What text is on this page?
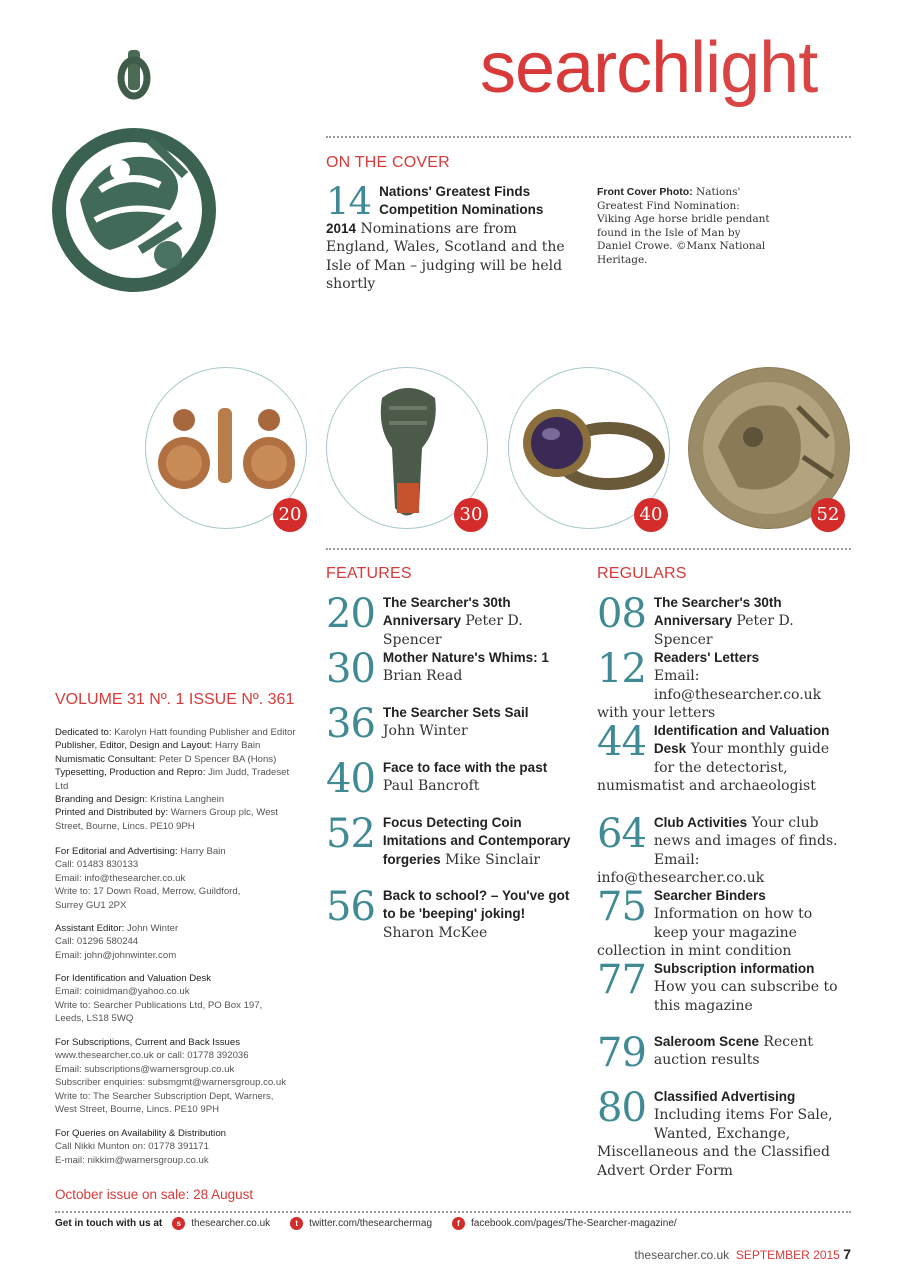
searchlight
ON THE COVER
14 Nations' Greatest Finds Competition Nominations 2014 Nominations are from England, Wales, Scotland and the Isle of Man – judging will be held shortly
Front Cover Photo: Nations' Greatest Find Nomination: Viking Age horse bridle pendant found in the Isle of Man by Daniel Crowe. ©Manx National Heritage.
20	30	40	52
FEATURES
20 The Searcher's 30th Anniversary Peter D. Spencer
30 Mother Nature's Whims: 1
Brian Read
36 The Searcher Sets Sail
John Winter
40 Face to face with the past
Paul Bancroft
52 Focus Detecting Coin Imitations and Contemporary forgeries Mike Sinclair
56 Back to school? – You've got to be 'beeping' joking! Sharon McKee
REGULARS
08 The Searcher's 30th Anniversary Peter D. Spencer
12 Readers' Letters
Email: info@thesearcher.co.uk with your letters
44 Identification and Valuation Desk Your monthly guide for the detectorist, numismatist and archaeologist
64 Club Activities Your club news and images of finds. Email: info@thesearcher.co.uk
75 Searcher Binders Information on how to keep your magazine collection in mint condition
77 Subscription information
How you can subscribe to this magazine
79 Saleroom Scene Recent auction results
80 Classified Advertising
Including items For Sale, Wanted, Exchange, Miscellaneous and the Classified Advert Order Form
VOLUME 31 Nº. 1 ISSUE Nº. 361
Dedicated to: Karolyn Hatt founding Publisher and Editor
Publisher, Editor, Design and Layout: Harry Bain
Numismatic Consultant: Peter D Spencer BA (Hons)
Typesetting, Production and Repro: Jim Judd, Tradeset Ltd
Branding and Design: Kristina Langhein
Printed and Distributed by: Warners Group plc, West Street, Bourne, Lincs. PE10 9PH
For Editorial and Advertising: Harry Bain
Call: 01483 830133
Email: info@thesearcher.co.uk
Write to: 17 Down Road, Merrow, Guildford, Surrey GU1 2PX
Assistant Editor: John Winter
Call: 01296 580244
Email: john@johnwinter.com
For Identification and Valuation Desk
Email: coinidman@yahoo.co.uk
Write to: Searcher Publications Ltd, PO Box 197, Leeds, LS18 5WQ
For Subscriptions, Current and Back Issues
www.thesearcher.co.uk or call: 01778 392036
Email: subscriptions@warnersgroup.co.uk
Subscriber enquiries: subsmgmt@warnersgroup.co.uk
Write to: The Searcher Subscription Dept, Warners, West Street, Bourne, Lincs. PE10 9PH
For Queries on Availability & Distribution
Call Nikki Munton on: 01778 391171
E-mail: nikkim@warnersgroup.co.uk
October issue on sale: 28 August
Get in touch with us at	s	thesearcher.co.uk	t	twitter.com/thesearchermag	f	facebook.com/pages/The-Searcher-magazine/
thesearcher.co.uk SEPTEMBER 2015 7
